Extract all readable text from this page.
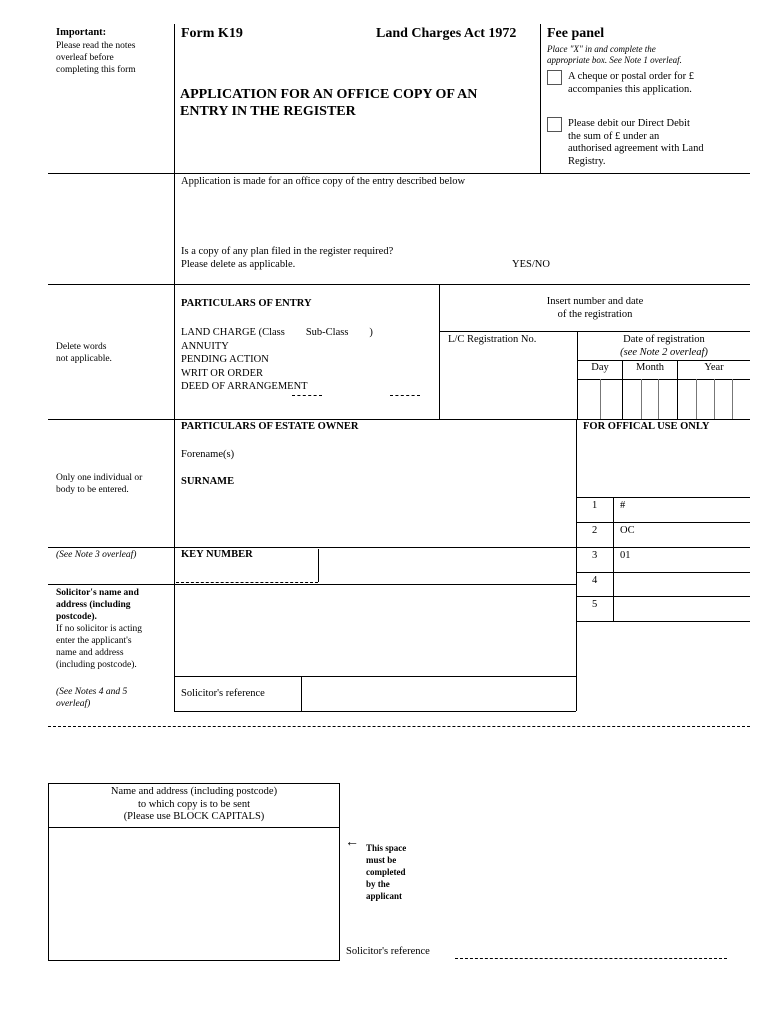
Important:
Please read the notes
overleaf before
completing this form
Delete words
not applicable.
Only one individual or
body to be entered.
(See Note 3 overleaf)
Solicitor's name and
address (including
postcode).
If no solicitor is acting
enter the applicant's
name and address
(including postcode).
(See Notes 4 and 5
overleaf)
Form K19	Land Charges Act 1972
APPLICATION FOR AN OFFICE COPY OF AN
ENTRY IN THE REGISTER
Fee panel
Place "X" in and complete the
appropriate box. See Note 1 overleaf.
A cheque or postal order for £
accompanies this application.
Please debit our Direct Debit
the sum of £ under an
authorised agreement with Land
Registry.
Application is made for an office copy of the entry described below
Is a copy of any plan filed in the register required?
Please delete as applicable.	YES/NO
PARTICULARS OF ENTRY
LAND CHARGE (Class        Sub-Class        )
ANNUITY
PENDING ACTION
WRIT OR ORDER
DEED OF ARRANGEMENT
Insert number and date
of the registration
L/C Registration No.	Date of registration
(see Note 2 overleaf)
Day	Month	Year
PARTICULARS OF ESTATE OWNER
Forename(s)
SURNAME
KEY NUMBER
Solicitor's reference
FOR OFFICAL USE ONLY
1 #
2 OC
3 01
4
5
Name and address (including postcode)
to which copy is to be sent
(Please use BLOCK CAPITALS)
← This space
must be
completed
by the
applicant
Solicitor's reference
